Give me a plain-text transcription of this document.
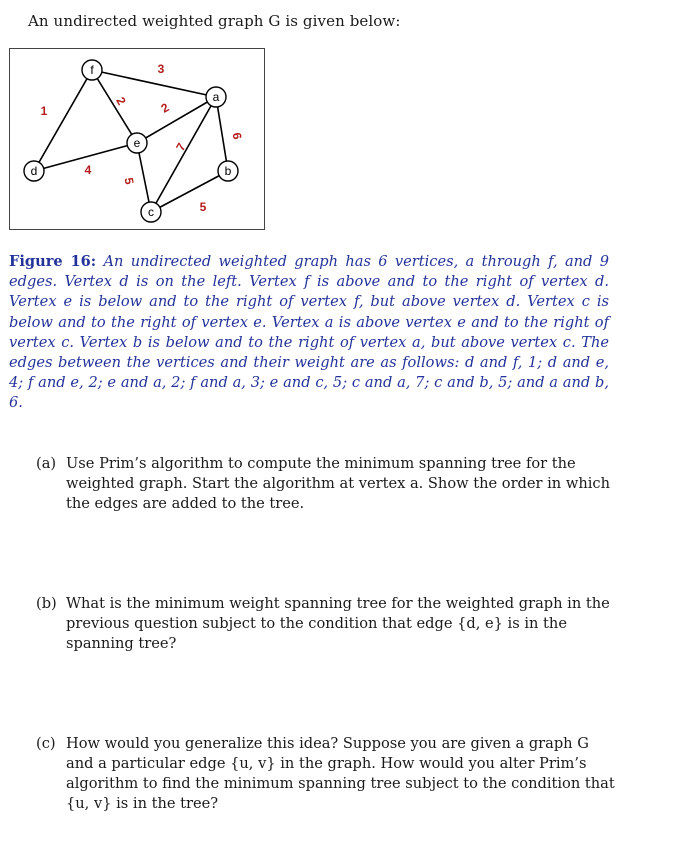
An undirected weighted graph G is given below:
f
a
e
d	b
c
1
2
3
2
6
7
4
5
5
Figure 16: An undirected weighted graph has 6 vertices, a through f, and 9 edges. Vertex d is on the left. Vertex f is above and to the right of vertex d. Vertex e is below and to the right of vertex f, but above vertex d. Vertex c is below and to the right of vertex e. Vertex a is above vertex e and to the right of vertex c. Vertex b is below and to the right of vertex a, but above vertex c. The edges between the vertices and their weight are as follows: d and f, 1; d and e, 4; f and e, 2; e and a, 2; f and a, 3; e and c, 5; c and a, 7; c and b, 5; and a and b, 6.
(a) Use Prim’s algorithm to compute the minimum spanning tree for the weighted graph. Start the algorithm at vertex a. Show the order in which the edges are added to the tree.
(b) What is the minimum weight spanning tree for the weighted graph in the previous question subject to the condition that edge {d, e} is in the spanning tree?
(c) How would you generalize this idea? Suppose you are given a graph G and a particular edge {u, v} in the graph. How would you alter Prim’s algorithm to find the minimum spanning tree subject to the condition that {u, v} is in the tree?
